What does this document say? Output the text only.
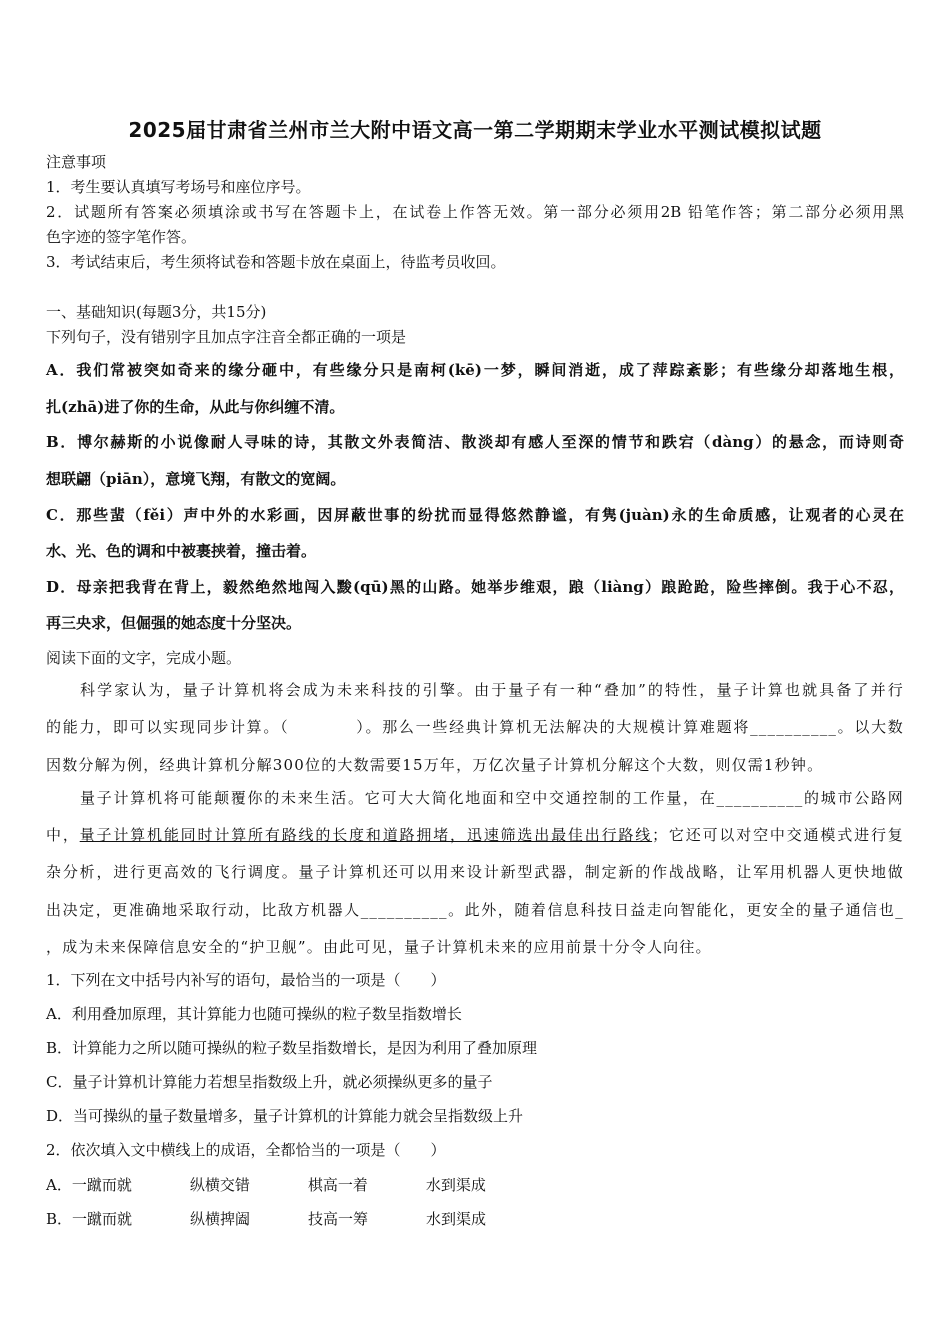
2025届甘肃省兰州市兰大附中语文高一第二学期期末学业水平测试模拟试题
注意事项
1．考生要认真填写考场号和座位序号。
2．试题所有答案必须填涂或书写在答题卡上，在试卷上作答无效。第一部分必须用2B 铅笔作答；第二部分必须用黑
色字迹的签字笔作答。
3．考试结束后，考生须将试卷和答题卡放在桌面上，待监考员收回。
一、基础知识(每题3分，共15分)
下列句子，没有错别字且加点字注音全都正确的一项是
A．我们常被突如奇来的缘分砸中，有些缘分只是南柯(kē)一梦，瞬间消逝，成了萍踪紊影；有些缘分却落地生根，
扎(zhā)进了你的生命，从此与你纠缠不清。
B．博尔赫斯的小说像耐人寻味的诗，其散文外表简洁、散淡却有感人至深的情节和跌宕（dàng）的悬念，而诗则奇
想联翩（piān），意境飞翔，有散文的宽阔。
C．那些蜚（fěi）声中外的水彩画，因屏蔽世事的纷扰而显得悠然静谧，有隽(juàn)永的生命质感，让观者的心灵在
水、光、色的调和中被裹挟着，撞击着。
D．母亲把我背在背上，毅然绝然地闯入黢(qū)黑的山路。她举步维艰，踉（liàng）踉跄跄，险些摔倒。我于心不忍，
再三央求，但倔强的她态度十分坚决。
阅读下面的文字，完成小题。
科学家认为，量子计算机将会成为未来科技的引擎。由于量子有一种“叠加”的特性，量子计算也就具备了并行
的能力，即可以实现同步计算。（　　　　）。那么一些经典计算机无法解决的大规模计算难题将__________。以大数
因数分解为例，经典计算机分解300位的大数需要15万年，万亿次量子计算机分解这个大数，则仅需1秒钟。
量子计算机将可能颠覆你的未来生活。它可大大简化地面和空中交通控制的工作量，在__________的城市公路网
中，量子计算机能同时计算所有路线的长度和道路拥堵，迅速筛选出最佳出行路线；它还可以对空中交通模式进行复
杂分析，进行更高效的飞行调度。量子计算机还可以用来设计新型武器，制定新的作战战略，让军用机器人更快地做
出决定，更准确地采取行动，比敌方机器人__________。此外，随着信息科技日益走向智能化，更安全的量子通信也_
，成为未来保障信息安全的“护卫舰”。由此可见，量子计算机未来的应用前景十分令人向往。
1．下列在文中括号内补写的语句，最恰当的一项是（　　）
A．利用叠加原理，其计算能力也随可操纵的粒子数呈指数增长
B．计算能力之所以随可操纵的粒子数呈指数增长，是因为利用了叠加原理
C．量子计算机计算能力若想呈指数级上升，就必须操纵更多的量子
D．当可操纵的量子数量增多，量子计算机的计算能力就会呈指数级上升
2．依次填入文中横线上的成语，全都恰当的一项是（　　）
A．一蹴而就	纵横交错	棋高一着	水到渠成
B．一蹴而就	纵横捭阖	技高一筹	水到渠成
